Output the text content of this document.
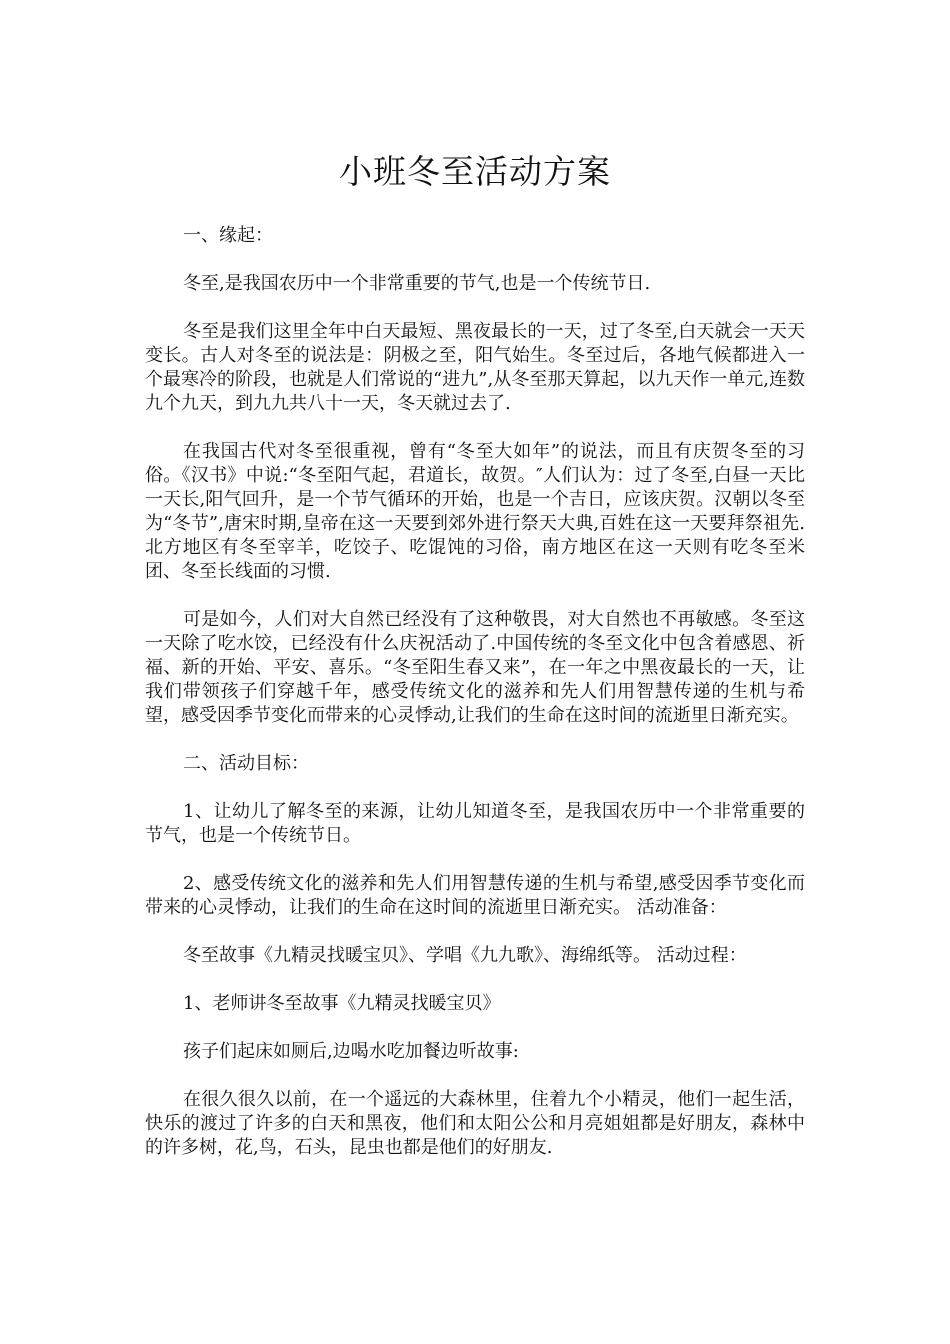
小班冬至活动方案

一、缘起：

冬至,是我国农历中一个非常重要的节气,也是一个传统节日.

冬至是我们这里全年中白天最短、黑夜最长的一天，过了冬至,白天就会一天天变长。古人对冬至的说法是：阴极之至，阳气始生。冬至过后，各地气候都进入一个最寒冷的阶段，也就是人们常说的“进九”,从冬至那天算起，以九天作一单元,连数九个九天，到九九共八十一天，冬天就过去了.

在我国古代对冬至很重视，曾有“冬至大如年”的说法，而且有庆贺冬至的习俗。《汉书》中说:“冬至阳气起，君道长，故贺。″人们认为：过了冬至,白昼一天比一天长,阳气回升，是一个节气循环的开始，也是一个吉日，应该庆贺。汉朝以冬至为“冬节”,唐宋时期,皇帝在这一天要到郊外进行祭天大典,百姓在这一天要拜祭祖先.北方地区有冬至宰羊，吃饺子、吃馄饨的习俗，南方地区在这一天则有吃冬至米团、冬至长线面的习惯.

可是如今，人们对大自然已经没有了这种敬畏，对大自然也不再敏感。冬至这一天除了吃水饺，已经没有什么庆祝活动了.中国传统的冬至文化中包含着感恩、祈福、新的开始、平安、喜乐。“冬至阳生春又来”，在一年之中黑夜最长的一天，让我们带领孩子们穿越千年，感受传统文化的滋养和先人们用智慧传递的生机与希望，感受因季节变化而带来的心灵悸动,让我们的生命在这时间的流逝里日渐充实。

二、活动目标：

1、让幼儿了解冬至的来源，让幼儿知道冬至，是我国农历中一个非常重要的节气，也是一个传统节日。

2、感受传统文化的滋养和先人们用智慧传递的生机与希望,感受因季节变化而带来的心灵悸动，让我们的生命在这时间的流逝里日渐充实。 活动准备：

冬至故事《九精灵找暖宝贝》、学唱《九九歌》、海绵纸等。 活动过程：

1、老师讲冬至故事《九精灵找暖宝贝》

孩子们起床如厕后,边喝水吃加餐边听故事:

在很久很久以前，在一个遥远的大森林里，住着九个小精灵，他们一起生活，快乐的渡过了许多的白天和黑夜，他们和太阳公公和月亮姐姐都是好朋友，森林中的许多树，花,鸟，石头，昆虫也都是他们的好朋友.
